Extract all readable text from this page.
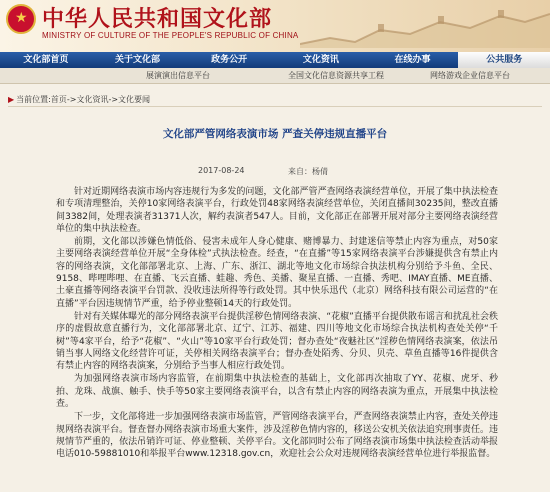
★ 中华人民共和国文化部
MINISTRY OF CULTURE OF THE PEOPLE'S REPUBLIC OF CHINA
文化部首页	关于文化部	政务公开	文化资讯	在线办事	公共服务
展演演出信息平台	全国文化信息资源共享工程	网络游戏企业信息平台
▶ 当前位置:首页->文化资讯->文化要闻
文化部严管网络表演市场 严查关停违规直播平台
2017-08-24	来自：杨倩

针对近期网络表演市场内容违规行为多发的问题，文化部严管严查网络表演经营单位，开展了集中执法检查和专项清理整治，关停10家网络表演平台，行政处罚48家网络表演经营单位，关闭直播间30235间，整改直播间3382间，处理表演者31371人次，解约表演者547人。目前，文化部正在部署开展对部分主要网络表演经营单位的集中执法检查。

前期，文化部以涉嫌色情低俗、侵害未成年人身心健康、赌博暴力、封建迷信等禁止内容为重点，对50家主要网络表演经营单位开展“全身体检”式执法检查。经查，“在直播”等15家网络表演平台涉嫌提供含有禁止内容的网络表演，文化部部署北京、上海、广东、浙江、湖北等地文化市场综合执法机构分别给予斗鱼、全民、9158、哔哩哔哩、在直播、飞云直播、蛙趣、秀色、美播、聚星直播、一直播、秀吧、IMAY直播、ME直播、土豪直播等网络表演平台罚款、没收违法所得等行政处罚。其中快乐迅代（北京）网络科技有限公司运营的“在直播”平台因违规情节严重，给予停业整顿14天的行政处罚。

针对有关媒体曝光的部分网络表演平台提供淫秽色情网络表演、“花椒”直播平台提供散布谣言和扰乱社会秩序的虚假故意直播行为，文化部部署北京、辽宁、江苏、福建、四川等地文化市场综合执法机构查处关停“千树”等4家平台，给予“花椒”、“火山”等10家平台行政处罚；督办查处“夜魅社区”淫秽色情网络表演案，依法吊销当事人网络文化经营许可证，关停相关网络表演平台；督办查处陌秀、分贝、贝壳、草鱼直播等16件提供含有禁止内容的网络表演案，分别给予当事人相应行政处罚。

为加强网络表演市场内容监管，在前期集中执法检查的基础上，文化部再次抽取了YY、花椒、虎牙、秒拍、龙珠、战旗、触手、快手等50家主要网络表演平台，以含有禁止内容的网络表演为重点，开展集中执法检查。

下一步，文化部将进一步加强网络表演市场监管，严管网络表演平台，严查网络表演禁止内容，查处关停违规网络表演平台。督查督办网络表演市场重大案件，涉及淫秽色情内容的，移送公安机关依法追究刑事责任。违规情节严重的，依法吊销许可证、停业整顿、关停平台。文化部同时公布了网络表演市场集中执法检查活动举报电话010-59881010和举报平台www.12318.gov.cn，欢迎社会公众对违规网络表演经营单位进行举报监督。
